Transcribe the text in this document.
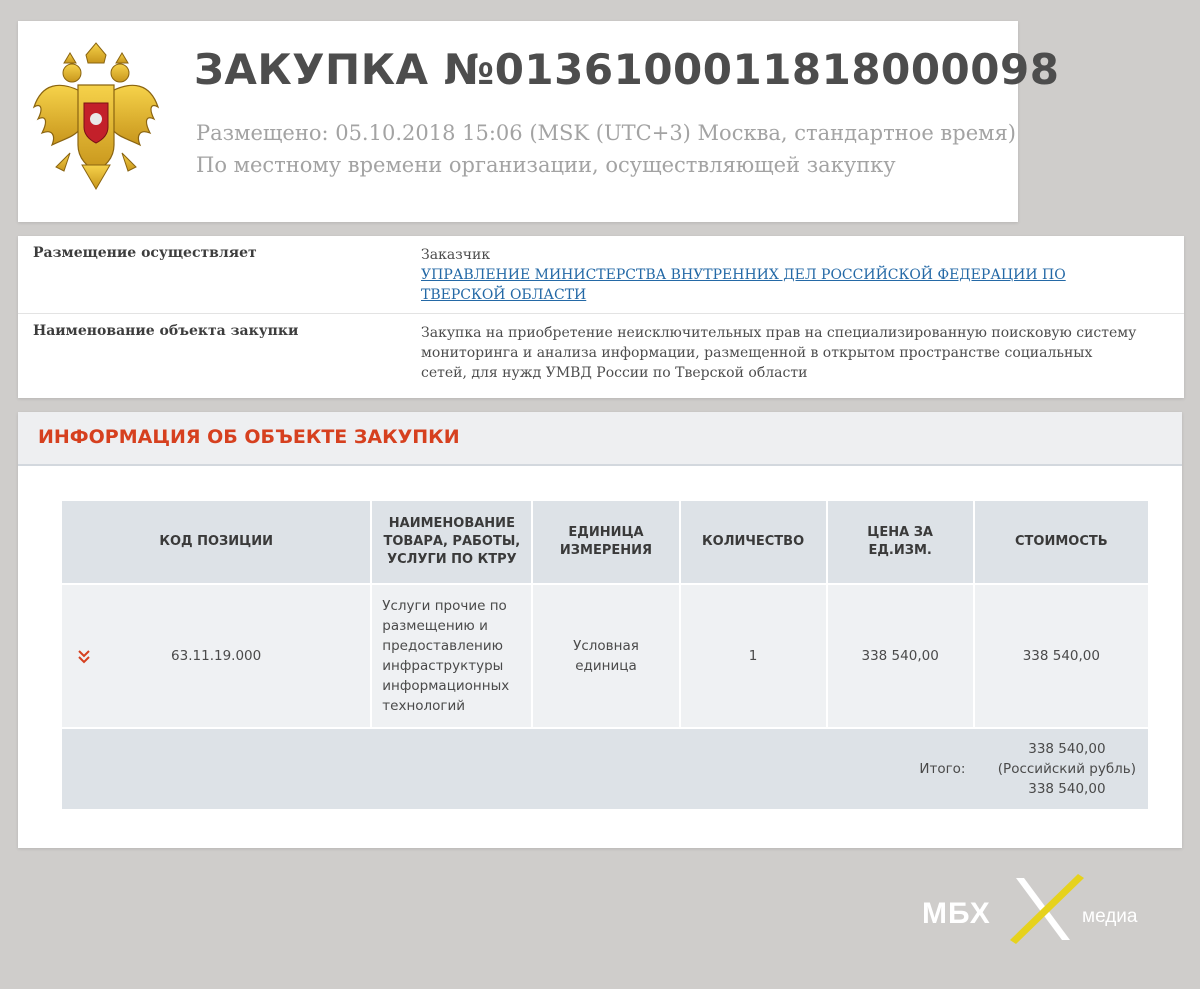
ЗАКУПКА №0136100011818000098

Размещено: 05.10.2018 15:06 (MSK (UTC+3) Москва, стандартное время)

По местному времени организации, осуществляющей закупку

Размещение осуществляет	Заказчик
УПРАВЛЕНИЕ МИНИСТЕРСТВА ВНУТРЕННИХ ДЕЛ РОССИЙСКОЙ ФЕДЕРАЦИИ ПО ТВЕРСКОЙ ОБЛАСТИ

Наименование объекта закупки	Закупка на приобретение неисключительных прав на специализированную поисковую систему мониторинга и анализа информации, размещенной в открытом пространстве социальных сетей, для нужд УМВД России по Тверской области
ИНФОРМАЦИЯ ОБ ОБЪЕКТЕ ЗАКУПКИ
КОД ПОЗИЦИИ	НАИМЕНОВАНИЕ ТОВАРА, РАБОТЫ, УСЛУГИ ПО КТРУ	ЕДИНИЦА ИЗМЕРЕНИЯ	КОЛИЧЕСТВО	ЦЕНА ЗА ЕД.ИЗМ.	СТОИМОСТЬ

63.11.19.000	Услуги прочие по размещению и предоставлению инфраструктуры информационных технологий	Условная единица	1	338 540,00	338 540,00
Итого: 338 540,00
(Российский рубль)
338 540,00					
МБХ	медиа
